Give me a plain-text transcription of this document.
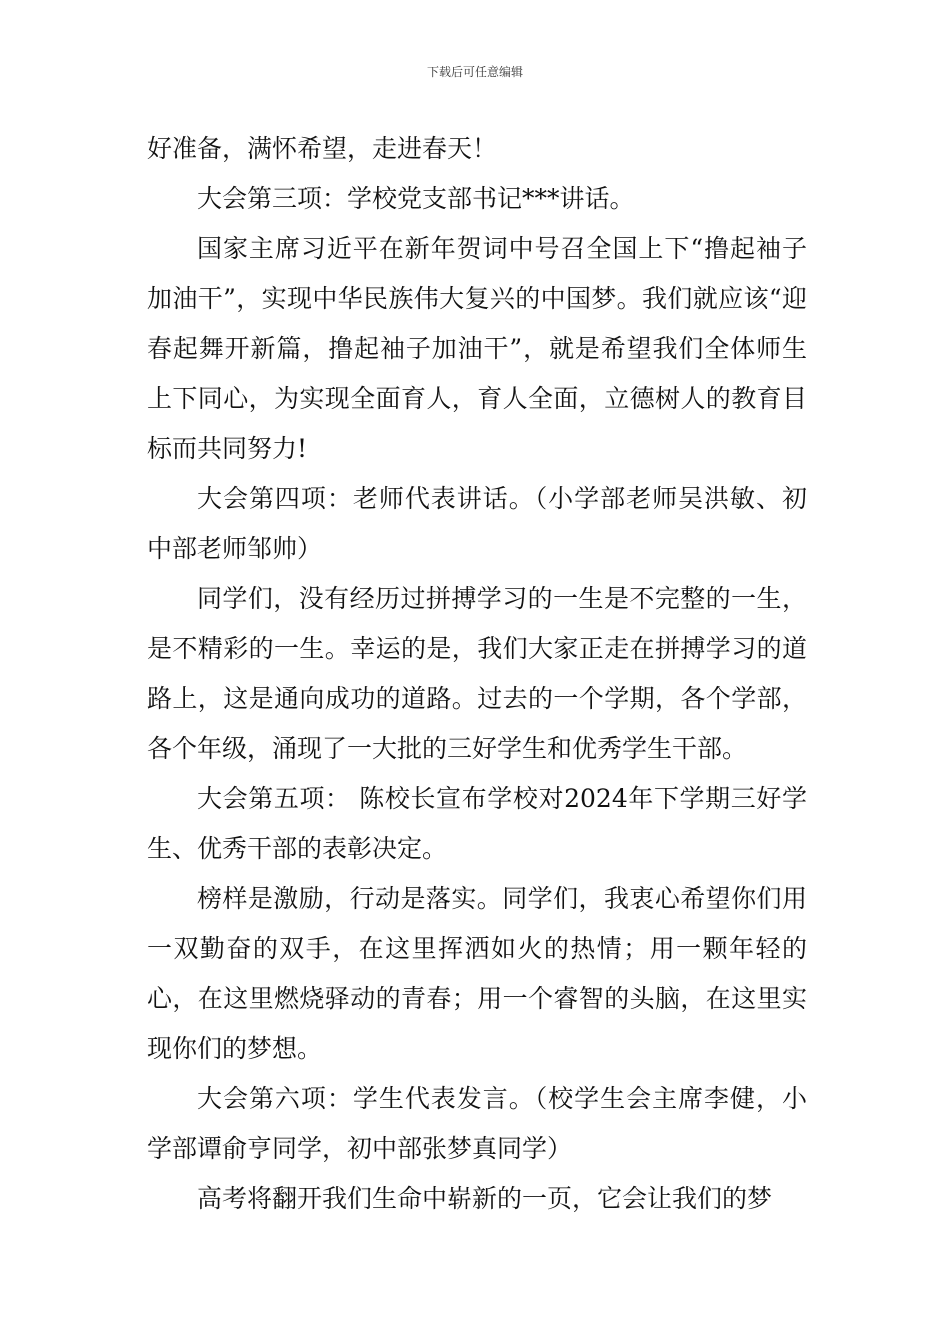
下载后可任意编辑

好准备，满怀希望，走进春天！

大会第三项：学校党支部书记***讲话。

国家主席习近平在新年贺词中号召全国上下“撸起袖子加油干”，实现中华民族伟大复兴的中国梦。我们就应该“迎春起舞开新篇，撸起袖子加油干”，就是希望我们全体师生上下同心，为实现全面育人，育人全面，立德树人的教育目标而共同努力!

大会第四项：老师代表讲话。（小学部老师吴洪敏、初中部老师邹帅）

同学们，没有经历过拼搏学习的一生是不完整的一生，是不精彩的一生。幸运的是，我们大家正走在拼搏学习的道路上，这是通向成功的道路。过去的一个学期，各个学部，各个年级，涌现了一大批的三好学生和优秀学生干部。

大会第五项： 陈校长宣布学校对2024年下学期三好学生、优秀干部的表彰决定。

榜样是激励，行动是落实。同学们，我衷心希望你们用一双勤奋的双手，在这里挥洒如火的热情；用一颗年轻的心，在这里燃烧驿动的青春；用一个睿智的头脑，在这里实现你们的梦想。

大会第六项：学生代表发言。（校学生会主席李健，小学部谭俞亨同学，初中部张梦真同学）

高考将翻开我们生命中崭新的一页，它会让我们的梦
